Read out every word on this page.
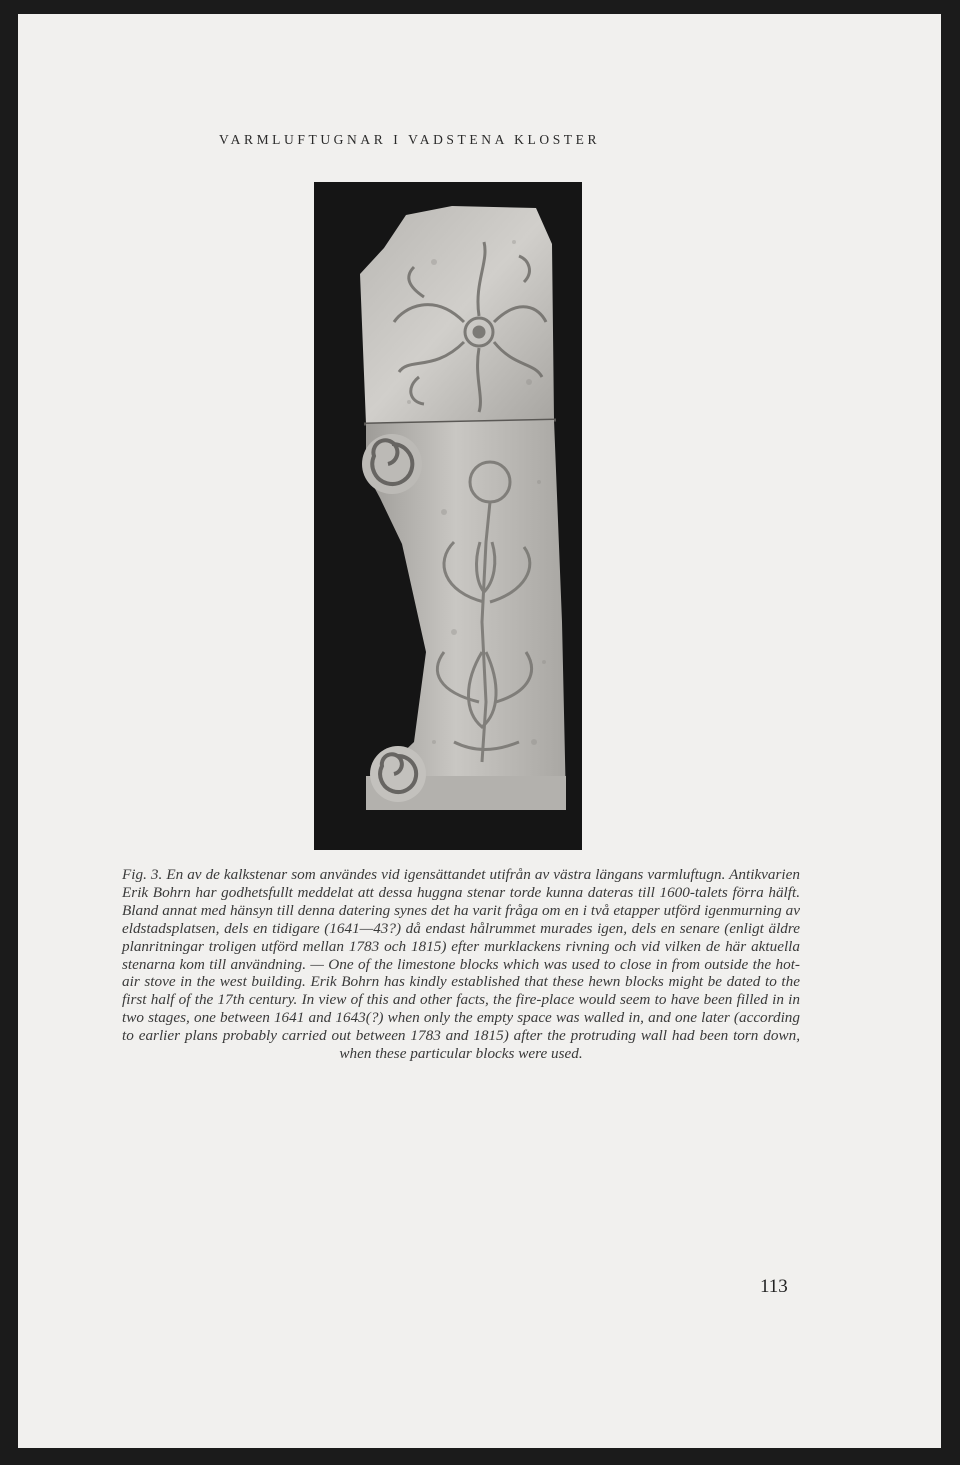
VARMLUFTUGNAR I VADSTENA KLOSTER

Fig. 3. En av de kalkstenar som användes vid igensättandet utifrån av västra längans varmluftugn. Antikvarien Erik Bohrn har godhetsfullt meddelat att dessa huggna stenar torde kunna dateras till 1600-talets förra hälft. Bland annat med hänsyn till denna datering synes det ha varit fråga om en i två etapper utförd igenmurning av eldstadsplatsen, dels en tidigare (1641—43?) då endast hålrummet murades igen, dels en senare (enligt äldre planritningar troligen utförd mellan 1783 och 1815) efter murklackens rivning och vid vilken de här aktuella stenarna kom till användning. — One of the limestone blocks which was used to close in from outside the hot-air stove in the west building. Erik Bohrn has kindly established that these hewn blocks might be dated to the first half of the 17th century. In view of this and other facts, the fire-place would seem to have been filled in in two stages, one between 1641 and 1643(?) when only the empty space was walled in, and one later (according to earlier plans probably carried out between 1783 and 1815) after the protruding wall had been torn down, when these particular blocks were used.

113
